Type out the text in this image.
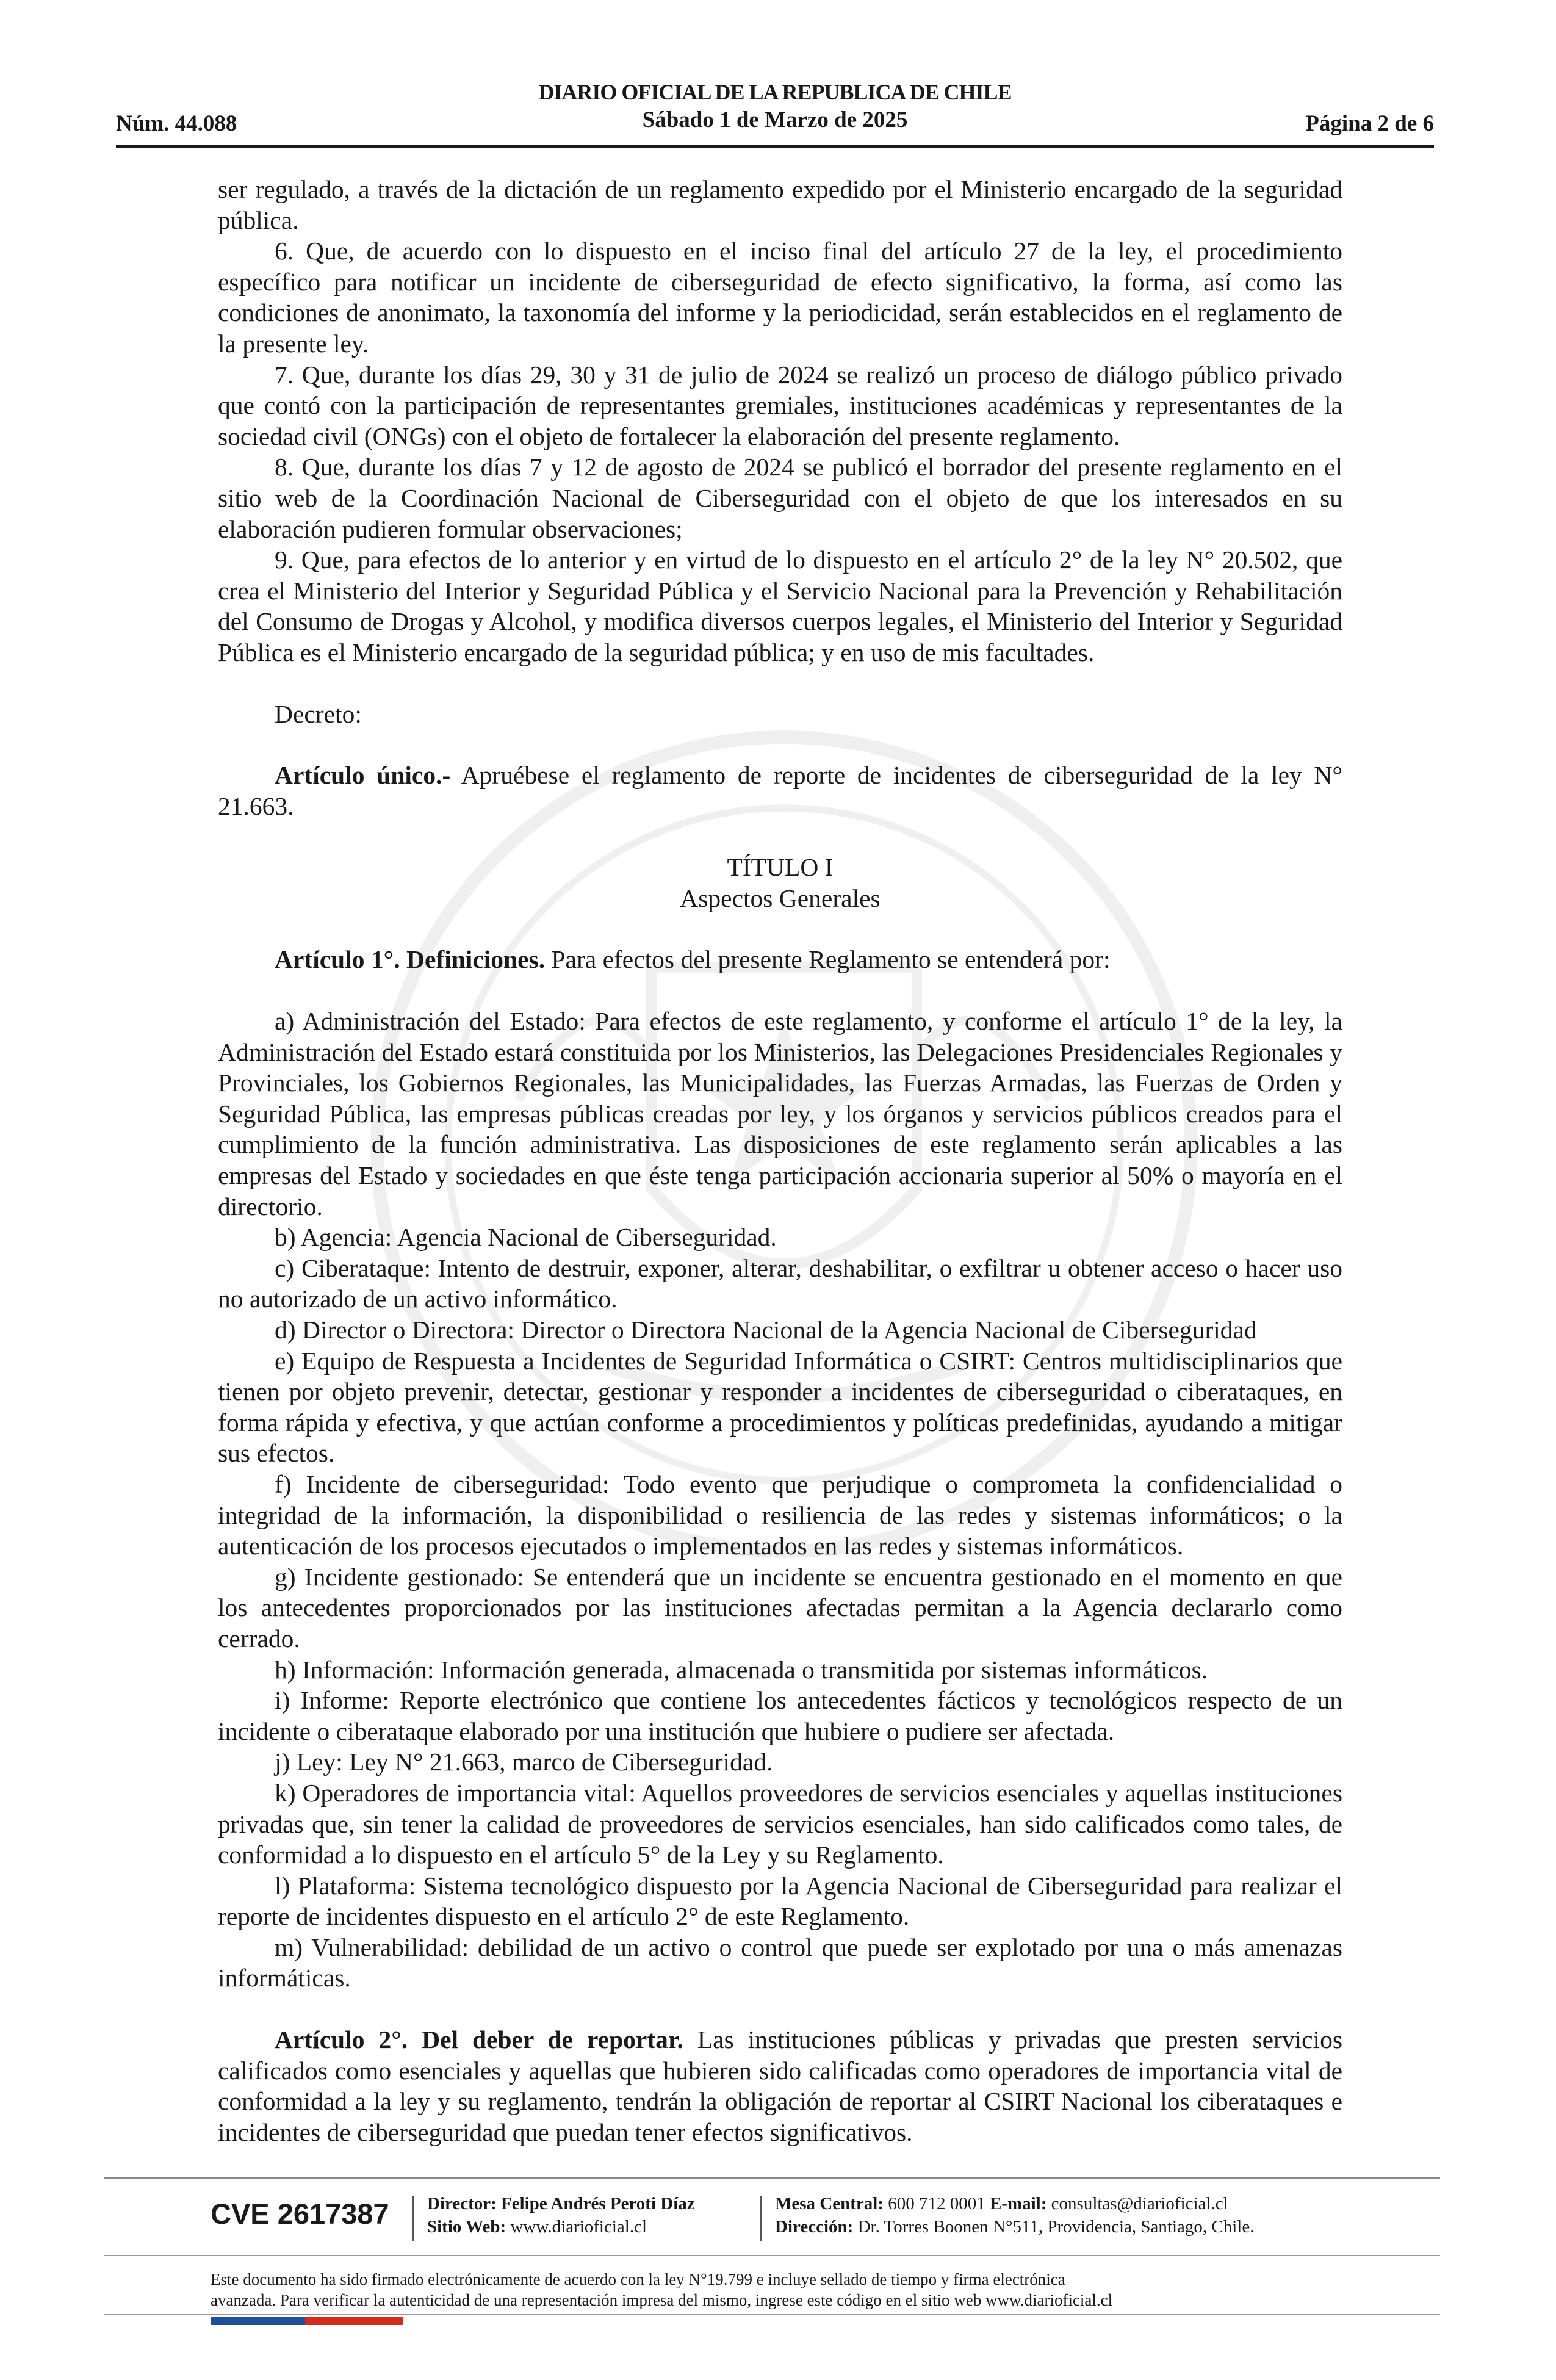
Núm. 44.088
DIARIO OFICIAL DE LA REPUBLICA DE CHILE
Sábado 1 de Marzo de 2025	Página 2 de 6

ser regulado, a través de la dictación de un reglamento expedido por el Ministerio encargado de la seguridad pública.

6. Que, de acuerdo con lo dispuesto en el inciso final del artículo 27 de la ley, el procedimiento específico para notificar un incidente de ciberseguridad de efecto significativo, la forma, así como las condiciones de anonimato, la taxonomía del informe y la periodicidad, serán establecidos en el reglamento de la presente ley.

7. Que, durante los días 29, 30 y 31 de julio de 2024 se realizó un proceso de diálogo público privado que contó con la participación de representantes gremiales, instituciones académicas y representantes de la sociedad civil (ONGs) con el objeto de fortalecer la elaboración del presente reglamento.

8. Que, durante los días 7 y 12 de agosto de 2024 se publicó el borrador del presente reglamento en el sitio web de la Coordinación Nacional de Ciberseguridad con el objeto de que los interesados en su elaboración pudieren formular observaciones;

9. Que, para efectos de lo anterior y en virtud de lo dispuesto en el artículo 2° de la ley N° 20.502, que crea el Ministerio del Interior y Seguridad Pública y el Servicio Nacional para la Prevención y Rehabilitación del Consumo de Drogas y Alcohol, y modifica diversos cuerpos legales, el Ministerio del Interior y Seguridad Pública es el Ministerio encargado de la seguridad pública; y en uso de mis facultades.

Decreto:

Artículo único.- Apruébese el reglamento de reporte de incidentes de ciberseguridad de la ley N° 21.663.

TÍTULO I

Aspectos Generales

Artículo 1°. Definiciones. Para efectos del presente Reglamento se entenderá por:

a) Administración del Estado: Para efectos de este reglamento, y conforme el artículo 1° de la ley, la Administración del Estado estará constituida por los Ministerios, las Delegaciones Presidenciales Regionales y Provinciales, los Gobiernos Regionales, las Municipalidades, las Fuerzas Armadas, las Fuerzas de Orden y Seguridad Pública, las empresas públicas creadas por ley, y los órganos y servicios públicos creados para el cumplimiento de la función administrativa. Las disposiciones de este reglamento serán aplicables a las empresas del Estado y sociedades en que éste tenga participación accionaria superior al 50% o mayoría en el directorio.

b) Agencia: Agencia Nacional de Ciberseguridad.

c) Ciberataque: Intento de destruir, exponer, alterar, deshabilitar, o exfiltrar u obtener acceso o hacer uso no autorizado de un activo informático.

d) Director o Directora: Director o Directora Nacional de la Agencia Nacional de Ciberseguridad

e) Equipo de Respuesta a Incidentes de Seguridad Informática o CSIRT: Centros multidisciplinarios que tienen por objeto prevenir, detectar, gestionar y responder a incidentes de ciberseguridad o ciberataques, en forma rápida y efectiva, y que actúan conforme a procedimientos y políticas predefinidas, ayudando a mitigar sus efectos.

f) Incidente de ciberseguridad: Todo evento que perjudique o comprometa la confidencialidad o integridad de la información, la disponibilidad o resiliencia de las redes y sistemas informáticos; o la autenticación de los procesos ejecutados o implementados en las redes y sistemas informáticos.

g) Incidente gestionado: Se entenderá que un incidente se encuentra gestionado en el momento en que los antecedentes proporcionados por las instituciones afectadas permitan a la Agencia declararlo como cerrado.

h) Información: Información generada, almacenada o transmitida por sistemas informáticos.

i) Informe: Reporte electrónico que contiene los antecedentes fácticos y tecnológicos respecto de un incidente o ciberataque elaborado por una institución que hubiere o pudiere ser afectada.

j) Ley: Ley N° 21.663, marco de Ciberseguridad.

k) Operadores de importancia vital: Aquellos proveedores de servicios esenciales y aquellas instituciones privadas que, sin tener la calidad de proveedores de servicios esenciales, han sido calificados como tales, de conformidad a lo dispuesto en el artículo 5° de la Ley y su Reglamento.

l) Plataforma: Sistema tecnológico dispuesto por la Agencia Nacional de Ciberseguridad para realizar el reporte de incidentes dispuesto en el artículo 2° de este Reglamento.

m) Vulnerabilidad: debilidad de un activo o control que puede ser explotado por una o más amenazas informáticas.

Artículo 2°. Del deber de reportar. Las instituciones públicas y privadas que presten servicios calificados como esenciales y aquellas que hubieren sido calificadas como operadores de importancia vital de conformidad a la ley y su reglamento, tendrán la obligación de reportar al CSIRT Nacional los ciberataques e incidentes de ciberseguridad que puedan tener efectos significativos.

CVE 2617387 Director: Felipe Andrés Peroti Díaz
Sitio Web: www.diarioficial.cl
Mesa Central: 600 712 0001 E-mail: consultas@diarioficial.cl
Dirección: Dr. Torres Boonen N°511, Providencia, Santiago, Chile.
Este documento ha sido firmado electrónicamente de acuerdo con la ley N°19.799 e incluye sellado de tiempo y firma electrónica
avanzada. Para verificar la autenticidad de una representación impresa del mismo, ingrese este código en el sitio web www.diarioficial.cl
